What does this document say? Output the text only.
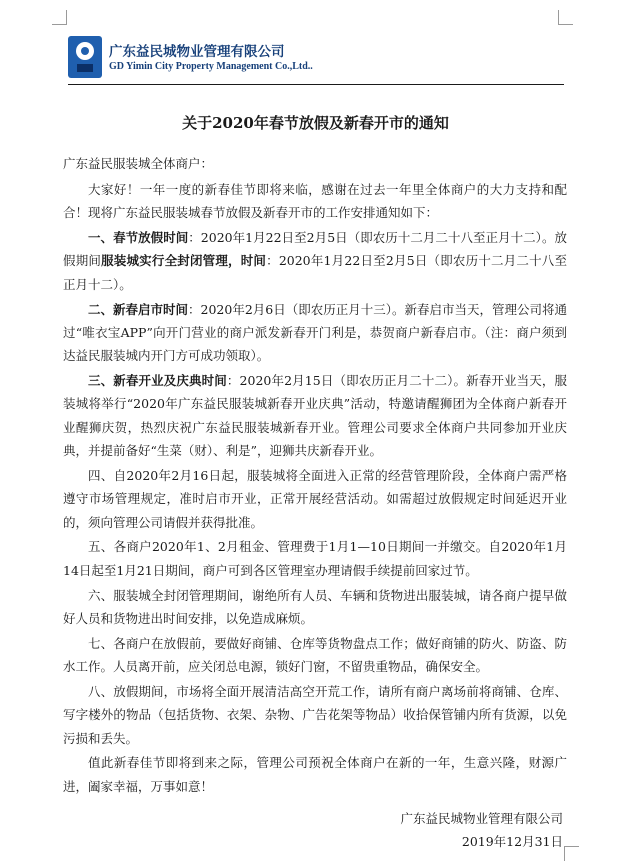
广东益民城物业管理有限公司
GD Yimin City Property Management Co.,Ltd..
关于2020年春节放假及新春开市的通知
广东益民服装城全体商户：

大家好！一年一度的新春佳节即将来临，感谢在过去一年里全体商户的大力支持和配合！现将广东益民服装城春节放假及新春开市的工作安排通知如下：

一、春节放假时间：2020年1月22日至2月5日（即农历十二月二十八至正月十二）。放假期间服装城实行全封闭管理，时间：2020年1月22日至2月5日（即农历十二月二十八至正月十二）。

二、新春启市时间：2020年2月6日（即农历正月十三）。新春启市当天，管理公司将通过“唯衣宝APP”向开门营业的商户派发新春开门利是，恭贺商户新春启市。（注：商户须到达益民服装城内开门方可成功领取）。

三、新春开业及庆典时间：2020年2月15日（即农历正月二十二）。新春开业当天，服装城将举行“2020年广东益民服装城新春开业庆典”活动，特邀请醒狮团为全体商户新春开业醒狮庆贺，热烈庆祝广东益民服装城新春开业。管理公司要求全体商户共同参加开业庆典，并提前备好“生菜（财）、利是”，迎狮共庆新春开业。

四、自2020年2月16日起，服装城将全面进入正常的经营管理阶段，全体商户需严格遵守市场管理规定，准时启市开业，正常开展经营活动。如需超过放假规定时间延迟开业的，须向管理公司请假并获得批准。

五、各商户2020年1、2月租金、管理费于1月1—10日期间一并缴交。自2020年1月14日起至1月21日期间，商户可到各区管理室办理请假手续提前回家过节。

六、服装城全封闭管理期间，谢绝所有人员、车辆和货物进出服装城，请各商户提早做好人员和货物进出时间安排，以免造成麻烦。

七、各商户在放假前，要做好商铺、仓库等货物盘点工作；做好商铺的防火、防盗、防水工作。人员离开前，应关闭总电源，锁好门窗，不留贵重物品，确保安全。

八、放假期间，市场将全面开展清洁高空开荒工作，请所有商户离场前将商铺、仓库、写字楼外的物品（包括货物、衣架、杂物、广告花架等物品）收拾保管铺内所有货源，以免污损和丢失。

值此新春佳节即将到来之际，管理公司预祝全体商户在新的一年，生意兴隆，财源广进，阖家幸福，万事如意！

广东益民城物业管理有限公司
2019年12月31日
